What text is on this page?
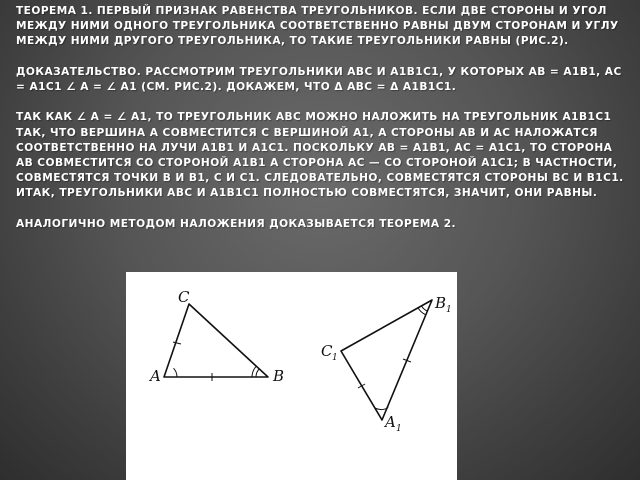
ТЕОРЕМА 1. ПЕРВЫЙ ПРИЗНАК РАВЕНСТВА ТРЕУГОЛЬНИКОВ. ЕСЛИ ДВЕ СТОРОНЫ И УГОЛ МЕЖДУ НИМИ ОДНОГО ТРЕУГОЛЬНИКА СООТВЕТСТВЕННО РАВНЫ ДВУМ СТОРОНАМ И УГЛУ МЕЖДУ НИМИ ДРУГОГО ТРЕУГОЛЬНИКА, ТО ТАКИЕ ТРЕУГОЛЬНИКИ РАВНЫ (РИС.2).

ДОКАЗАТЕЛЬСТВО. РАССМОТРИМ ТРЕУГОЛЬНИКИ ABC И A1B1C1, У КОТОРЫХ AB = A1B1, AC = A1C1 ∠ A = ∠ A1 (СМ. РИС.2). ДОКАЖЕМ, ЧТО Δ ABC = Δ A1B1C1.

ТАК КАК ∠ A = ∠ A1, ТО ТРЕУГОЛЬНИК ABC МОЖНО НАЛОЖИТЬ НА ТРЕУГОЛЬНИК A1B1C1 ТАК, ЧТО ВЕРШИНА A СОВМЕСТИТСЯ С ВЕРШИНОЙ A1, А СТОРОНЫ AB И AC НАЛОЖАТСЯ СООТВЕТСТВЕННО НА ЛУЧИ A1B1 И A1C1. ПОСКОЛЬКУ AB = A1B1, AC = A1C1, ТО СТОРОНА AB СОВМЕСТИТСЯ СО СТОРОНОЙ A1B1 А СТОРОНА AC — СО СТОРОНОЙ A1C1; В ЧАСТНОСТИ, СОВМЕСТЯТСЯ ТОЧКИ B И B1, C И C1. СЛЕДОВАТЕЛЬНО, СОВМЕСТЯТСЯ СТОРОНЫ BC И B1C1. ИТАК, ТРЕУГОЛЬНИКИ ABC И A1B1C1 ПОЛНОСТЬЮ СОВМЕСТЯТСЯ, ЗНАЧИТ, ОНИ РАВНЫ.

АНАЛОГИЧНО МЕТОДОМ НАЛОЖЕНИЯ ДОКАЗЫВАЕТСЯ ТЕОРЕМА 2.

A	B
C
A 1
B 1
C 1
